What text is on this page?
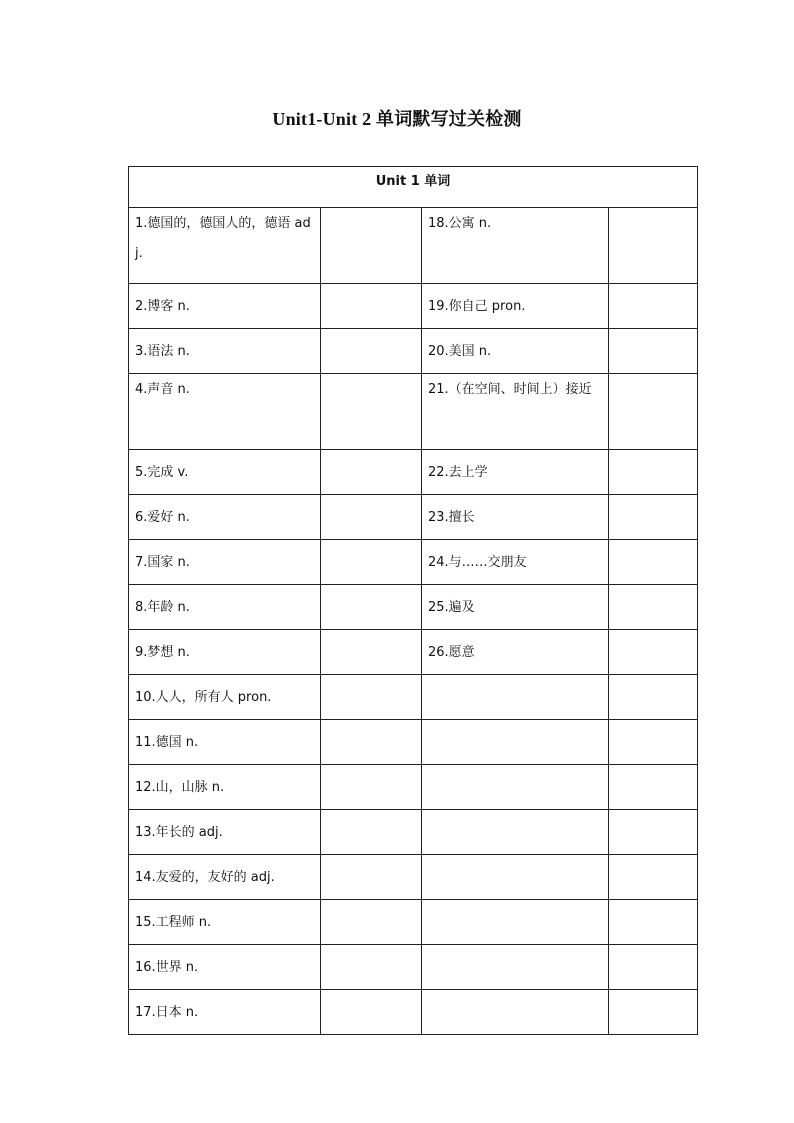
Unit1-Unit 2 单词默写过关检测
Unit 1 单词			
1.德国的，德国人的，德语 adj.		18.公寓 n.	
2.博客 n.		19.你自己 pron.	
3.语法 n.		20.美国 n.	
4.声音 n.		21.（在空间、时间上）接近	
5.完成 v.		22.去上学	
6.爱好 n.		23.擅长	
7.国家 n.		24.与……交朋友	
8.年龄 n.		25.遍及	
9.梦想 n.		26.愿意	
10.人人，所有人 pron.			
11.德国 n.			
12.山，山脉 n.			
13.年长的 adj.			
14.友爱的，友好的 adj.			
15.工程师 n.			
16.世界 n.			
17.日本 n.			
